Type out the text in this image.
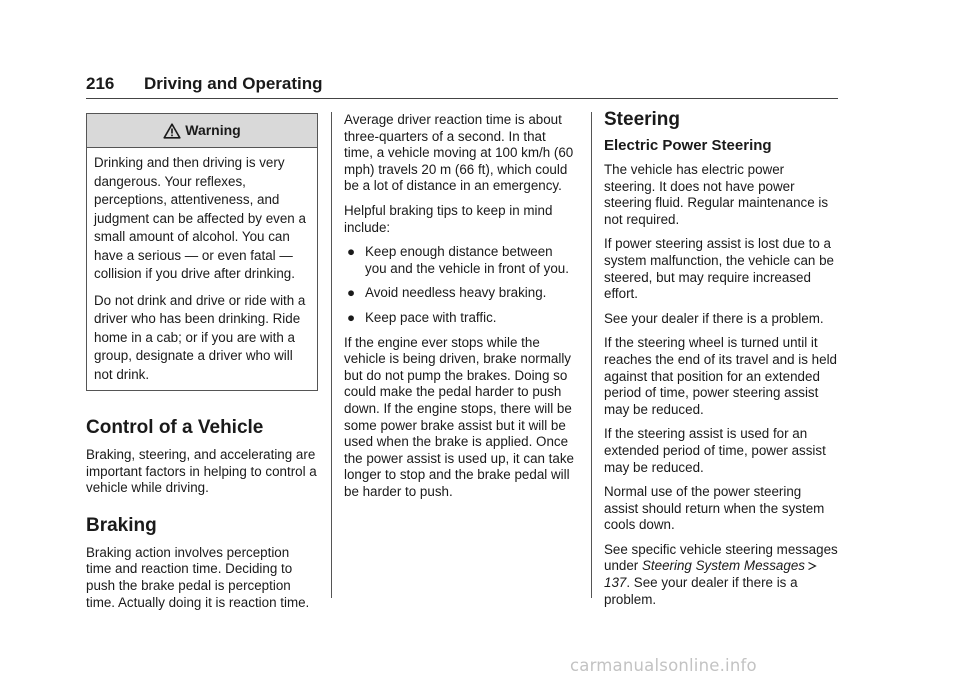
216 Driving and Operating
Warning

Drinking and then driving is very dangerous. Your reflexes, perceptions, attentiveness, and judgment can be affected by even a small amount of alcohol. You can have a serious — or even fatal — collision if you drive after drinking.

Do not drink and drive or ride with a driver who has been drinking. Ride home in a cab; or if you are with a group, designate a driver who will not drink.

Control of a Vehicle

Braking, steering, and accelerating are important factors in helping to control a vehicle while driving.

Braking

Braking action involves perception time and reaction time. Deciding to push the brake pedal is perception time. Actually doing it is reaction time.

Average driver reaction time is about three-quarters of a second. In that time, a vehicle moving at 100 km/h (60 mph) travels 20 m (66 ft), which could be a lot of distance in an emergency.

Helpful braking tips to keep in mind include:

● Keep enough distance between you and the vehicle in front of you.
● Avoid needless heavy braking.
● Keep pace with traffic.

If the engine ever stops while the vehicle is being driven, brake normally but do not pump the brakes. Doing so could make the pedal harder to push down. If the engine stops, there will be some power brake assist but it will be used when the brake is applied. Once the power assist is used up, it can take longer to stop and the brake pedal will be harder to push.

Steering
Electric Power Steering

The vehicle has electric power steering. It does not have power steering fluid. Regular maintenance is not required.

If power steering assist is lost due to a system malfunction, the vehicle can be steered, but may require increased effort.

See your dealer if there is a problem.

If the steering wheel is turned until it reaches the end of its travel and is held against that position for an extended period of time, power steering assist may be reduced.

If the steering assist is used for an extended period of time, power assist may be reduced.

Normal use of the power steering assist should return when the system cools down.

See specific vehicle steering messages under Steering System Messages137. See your dealer if there is a problem.

carmanualsonline.info
